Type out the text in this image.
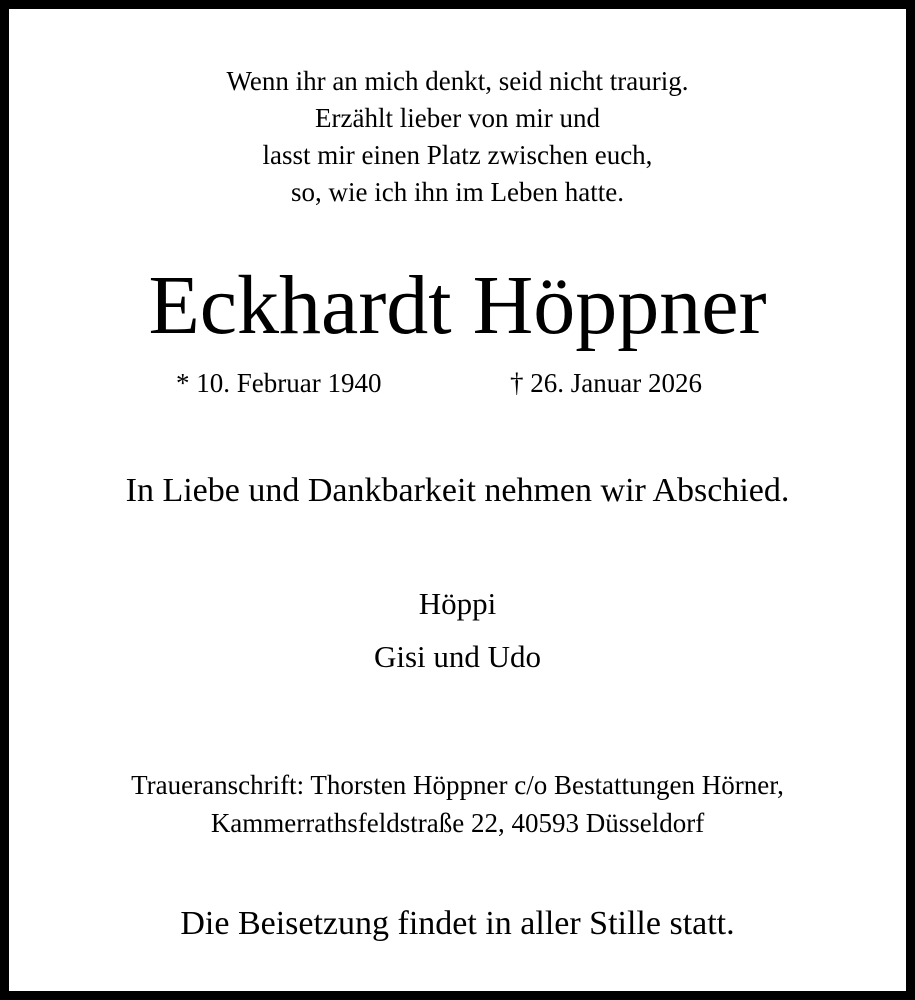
Wenn ihr an mich denkt, seid nicht traurig.
Erzählt lieber von mir und
lasst mir einen Platz zwischen euch,
so, wie ich ihn im Leben hatte.
Eckhardt Höppner
* 10. Februar 1940	† 26. Januar 2026
In Liebe und Dankbarkeit nehmen wir Abschied.
Höppi
Gisi und Udo
Traueranschrift: Thorsten Höppner c/o Bestattungen Hörner,
Kammerrathsfeldstraße 22, 40593 Düsseldorf
Die Beisetzung findet in aller Stille statt.
